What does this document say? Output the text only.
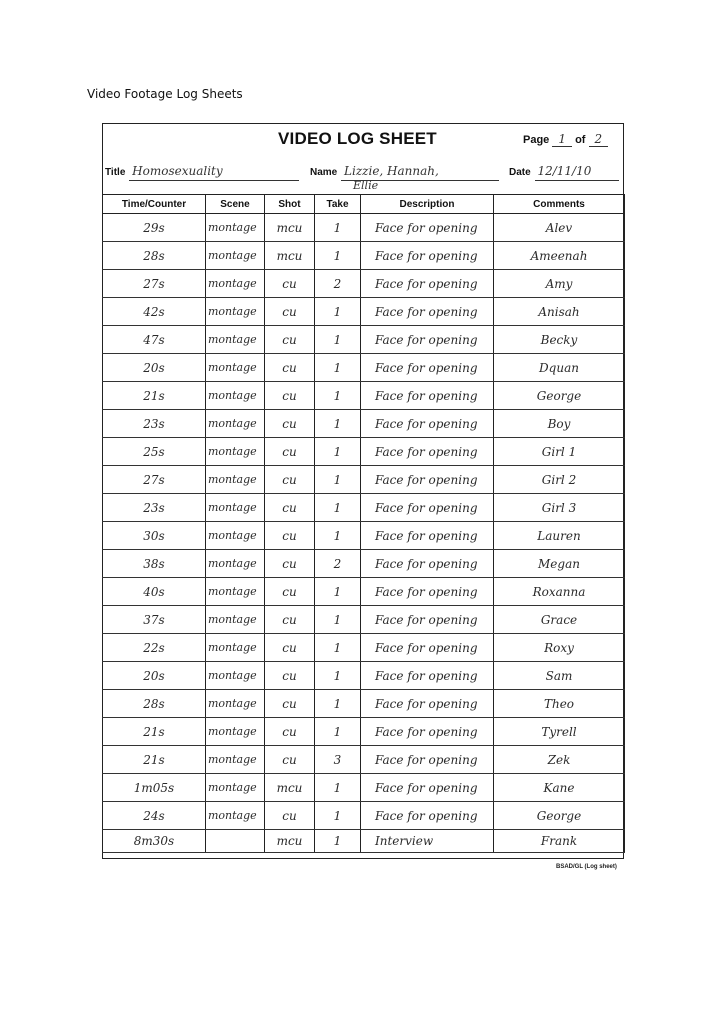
Video Footage Log Sheets
VIDEO LOG SHEET	Page 1 of 2
Title Homosexuality	Name Lizzie, Hannah,
Ellie
Date 12/11/10
Time/Counter	Scene	Shot	Take	Description	Comments
29s	montage	mcu	1	Face for opening	Alev
28s	montage	mcu	1	Face for opening	Ameenah
27s	montage	cu	2	Face for opening	Amy
42s	montage	cu	1	Face for opening	Anisah
47s	montage	cu	1	Face for opening	Becky
20s	montage	cu	1	Face for opening	Dquan
21s	montage	cu	1	Face for opening	George
23s	montage	cu	1	Face for opening	Boy
25s	montage	cu	1	Face for opening	Girl 1
27s	montage	cu	1	Face for opening	Girl 2
23s	montage	cu	1	Face for opening	Girl 3
30s	montage	cu	1	Face for opening	Lauren
38s	montage	cu	2	Face for opening	Megan
40s	montage	cu	1	Face for opening	Roxanna
37s	montage	cu	1	Face for opening	Grace
22s	montage	cu	1	Face for opening	Roxy
20s	montage	cu	1	Face for opening	Sam
28s	montage	cu	1	Face for opening	Theo
21s	montage	cu	1	Face for opening	Tyrell
21s	montage	cu	3	Face for opening	Zek
1m05s	montage	mcu	1	Face for opening	Kane
24s	montage	cu	1	Face for opening	George
8m30s		mcu	1	Interview	Frank
BSAD/GL (Log sheet)
